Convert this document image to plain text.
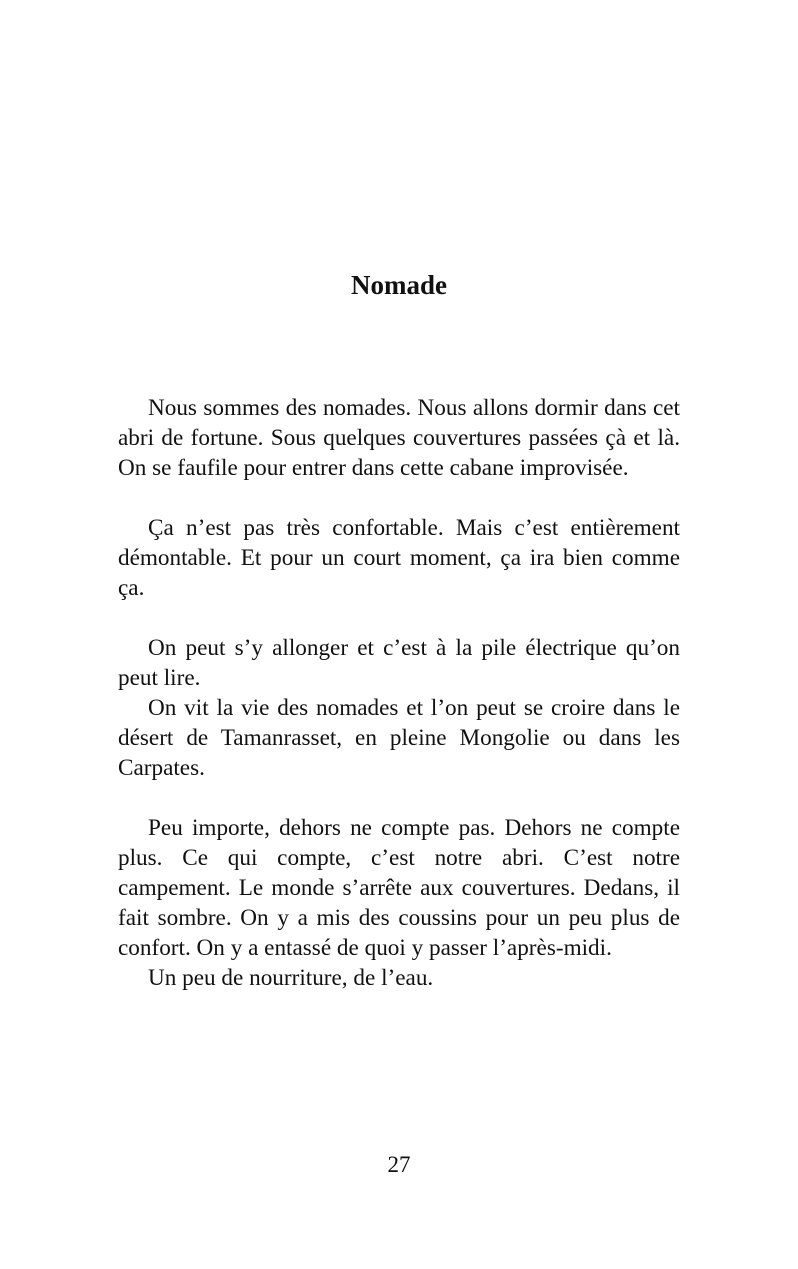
Nomade

Nous sommes des nomades. Nous allons dormir dans cet abri de fortune. Sous quelques couvertures passées çà et là. On se faufile pour entrer dans cette cabane improvisée.

Ça n’est pas très confortable. Mais c’est entièrement démontable. Et pour un court moment, ça ira bien comme ça.

On peut s’y allonger et c’est à la pile électrique qu’on peut lire.

On vit la vie des nomades et l’on peut se croire dans le désert de Tamanrasset, en pleine Mongolie ou dans les Carpates.

Peu importe, dehors ne compte pas. Dehors ne compte plus. Ce qui compte, c’est notre abri. C’est notre campement. Le monde s’arrête aux couvertures. Dedans, il fait sombre. On y a mis des coussins pour un peu plus de confort. On y a entassé de quoi y passer l’après-midi.

Un peu de nourriture, de l’eau.

27
